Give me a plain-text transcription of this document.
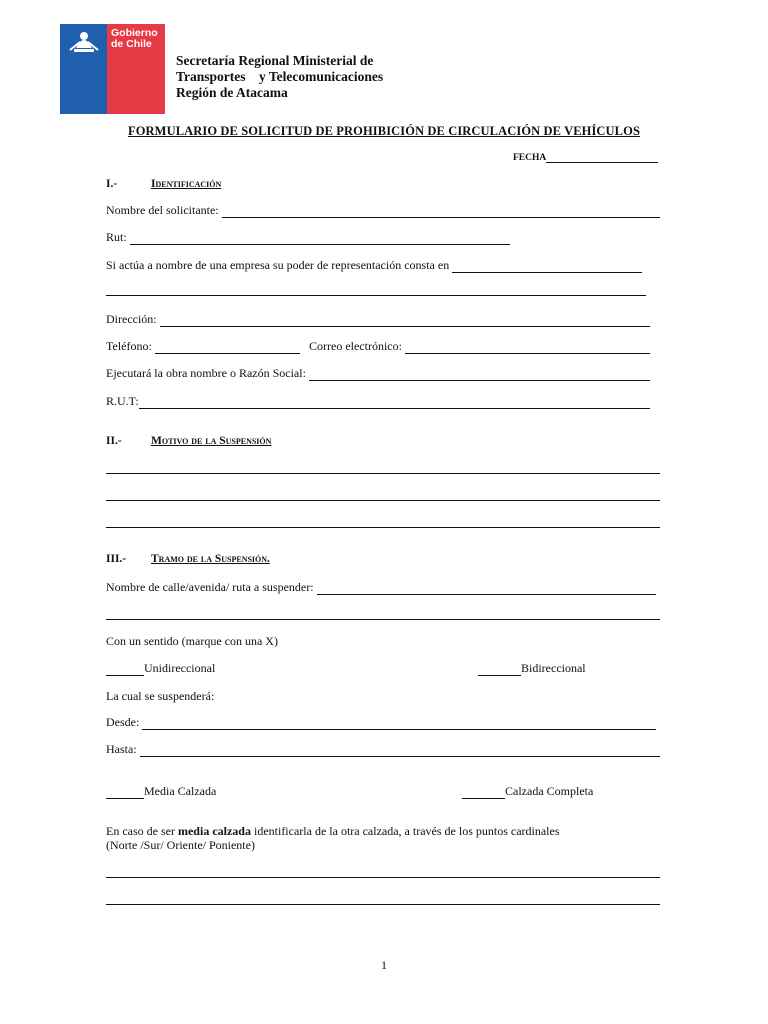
Gobierno
de Chile
Secretaría Regional Ministerial de
Transportes    y Telecomunicaciones
Región de Atacama
FORMULARIO DE SOLICITUD DE PROHIBICIÓN DE CIRCULACIÓN DE VEHÍCULOS
FECHA
I.-	Identificación
Nombre del solicitante:
Rut:
Si actúa a nombre de una empresa su poder de representación consta en
Dirección:
Teléfono:	Correo electrónico:
Ejecutará la obra nombre o Razón Social:
R.U.T:
II.-	Motivo de la Suspensión
III.- Tramo de la Suspensión.
Nombre de calle/avenida/ ruta a suspender:
Con un sentido (marque con una X)
Unidireccional	Bidireccional
La cual se suspenderá:
Desde:
Hasta:
Media Calzada	Calzada Completa
En caso de ser media calzada identificarla de la otra calzada, a través de los puntos cardinales
(Norte /Sur/ Oriente/ Poniente)
1
